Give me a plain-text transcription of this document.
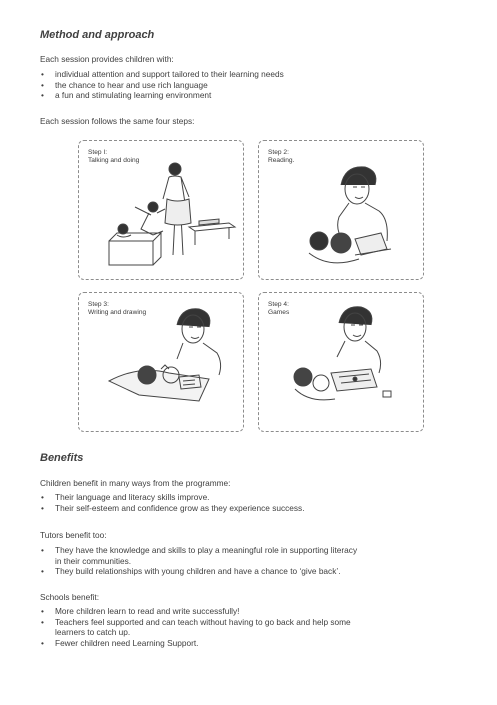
Method and approach
Each session provides children with:
• individual attention and support tailored to their learning needs
• the chance to hear and use rich language
• a fun and stimulating learning environment
Each session follows the same four steps:
Step I:
Talking and doing
Step 2:
Reading.
Step 3:
Writing and drawing
Step 4:
Games
Benefits
Children benefit in many ways from the programme:
• Their language and literacy skills improve.
• Their self-esteem and confidence grow as they experience success.
Tutors benefit too:
• They have the knowledge and skills to play a meaningful role in supporting literacy
in their communities.
• They build relationships with young children and have a chance to ‘give back’.
Schools benefit:
• More children learn to read and write successfully!
• Teachers feel supported and can teach without having to go back and help some
learners to catch up.
• Fewer children need Learning Support.
